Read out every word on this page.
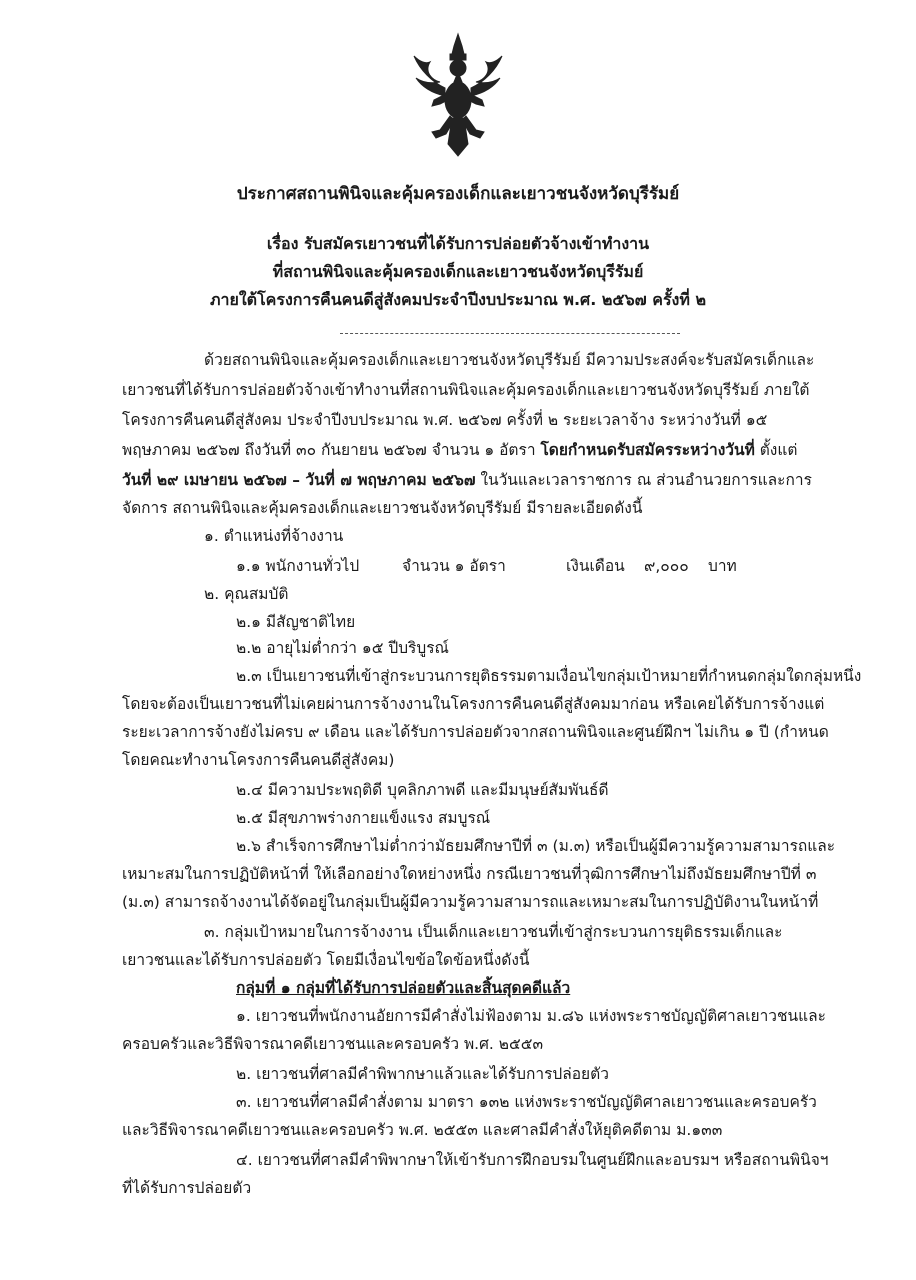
ประกาศสถานพินิจและคุ้มครองเด็กและเยาวชนจังหวัดบุรีรัมย์
เรื่อง รับสมัครเยาวชนที่ได้รับการปล่อยตัวจ้างเข้าทำงาน
ที่สถานพินิจและคุ้มครองเด็กและเยาวชนจังหวัดบุรีรัมย์
ภายใต้โครงการคืนคนดีสู่สังคมประจำปีงบประมาณ พ.ศ. ๒๕๖๗ ครั้งที่ ๒
ด้วยสถานพินิจและคุ้มครองเด็กและเยาวชนจังหวัดบุรีรัมย์ มีความประสงค์จะรับสมัครเด็กและ
เยาวชนที่ได้รับการปล่อยตัวจ้างเข้าทำงานที่สถานพินิจและคุ้มครองเด็กและเยาวชนจังหวัดบุรีรัมย์ ภายใต้
โครงการคืนคนดีสู่สังคม ประจำปีงบประมาณ พ.ศ. ๒๕๖๗ ครั้งที่ ๒ ระยะเวลาจ้าง ระหว่างวันที่ ๑๕
พฤษภาคม ๒๕๖๗ ถึงวันที่ ๓๐ กันยายน ๒๕๖๗ จำนวน ๑ อัตรา โดยกำหนดรับสมัครระหว่างวันที่ ตั้งแต่
วันที่ ๒๙ เมษายน ๒๕๖๗ – วันที่ ๗ พฤษภาคม ๒๕๖๗ ในวันและเวลาราชการ ณ ส่วนอำนวยการและการ
จัดการ สถานพินิจและคุ้มครองเด็กและเยาวชนจังหวัดบุรีรัมย์ มีรายละเอียดดังนี้
๑. ตำแหน่งที่จ้างงาน
๑.๑ พนักงานทั่วไป	จำนวน ๑ อัตรา	เงินเดือน ๙,๐๐๐ บาท
๒. คุณสมบัติ
๒.๑ มีสัญชาติไทย
๒.๒ อายุไม่ต่ำกว่า ๑๕ ปีบริบูรณ์
๒.๓ เป็นเยาวชนที่เข้าสู่กระบวนการยุติธรรมตามเงื่อนไขกลุ่มเป้าหมายที่กำหนดกลุ่มใดกลุ่มหนึ่ง
โดยจะต้องเป็นเยาวชนที่ไม่เคยผ่านการจ้างงานในโครงการคืนคนดีสู่สังคมมาก่อน หรือเคยได้รับการจ้างแต่
ระยะเวลาการจ้างยังไม่ครบ ๙ เดือน และได้รับการปล่อยตัวจากสถานพินิจและศูนย์ฝึกฯ ไม่เกิน ๑ ปี (กำหนด
โดยคณะทำงานโครงการคืนคนดีสู่สังคม)
๒.๔ มีความประพฤติดี บุคลิกภาพดี และมีมนุษย์สัมพันธ์ดี
๒.๕ มีสุขภาพร่างกายแข็งแรง สมบูรณ์
๒.๖ สำเร็จการศึกษาไม่ต่ำกว่ามัธยมศึกษาปีที่ ๓ (ม.๓) หรือเป็นผู้มีความรู้ความสามารถและ
เหมาะสมในการปฏิบัติหน้าที่ ให้เลือกอย่างใดหย่างหนึ่ง กรณีเยาวชนที่วุฒิการศึกษาไม่ถึงมัธยมศึกษาปีที่ ๓
(ม.๓) สามารถจ้างงานได้จัดอยู่ในกลุ่มเป็นผู้มีความรู้ความสามารถและเหมาะสมในการปฏิบัติงานในหน้าที่
๓. กลุ่มเป้าหมายในการจ้างงาน เป็นเด็กและเยาวชนที่เข้าสู่กระบวนการยุติธรรมเด็กและ
เยาวชนและได้รับการปล่อยตัว โดยมีเงื่อนไขข้อใดข้อหนึ่งดังนี้
กลุ่มที่ ๑ กลุ่มที่ได้รับการปล่อยตัวและสิ้นสุดคดีแล้ว
๑. เยาวชนที่พนักงานอัยการมีคำสั่งไม่ฟ้องตาม ม.๘๖ แห่งพระราชบัญญัติศาลเยาวชนและ
ครอบครัวและวิธีพิจารณาคดีเยาวชนและครอบครัว พ.ศ. ๒๕๕๓
๒. เยาวชนที่ศาลมีคำพิพากษาแล้วและได้รับการปล่อยตัว
๓. เยาวชนที่ศาลมีคำสั่งตาม มาตรา ๑๓๒ แห่งพระราชบัญญัติศาลเยาวชนและครอบครัว
และวิธีพิจารณาคดีเยาวชนและครอบครัว พ.ศ. ๒๕๕๓ และศาลมีคำสั่งให้ยุติคดีตาม ม.๑๓๓
๔. เยาวชนที่ศาลมีคำพิพากษาให้เข้ารับการฝึกอบรมในศูนย์ฝึกและอบรมฯ หรือสถานพินิจฯ
ที่ได้รับการปล่อยตัว
